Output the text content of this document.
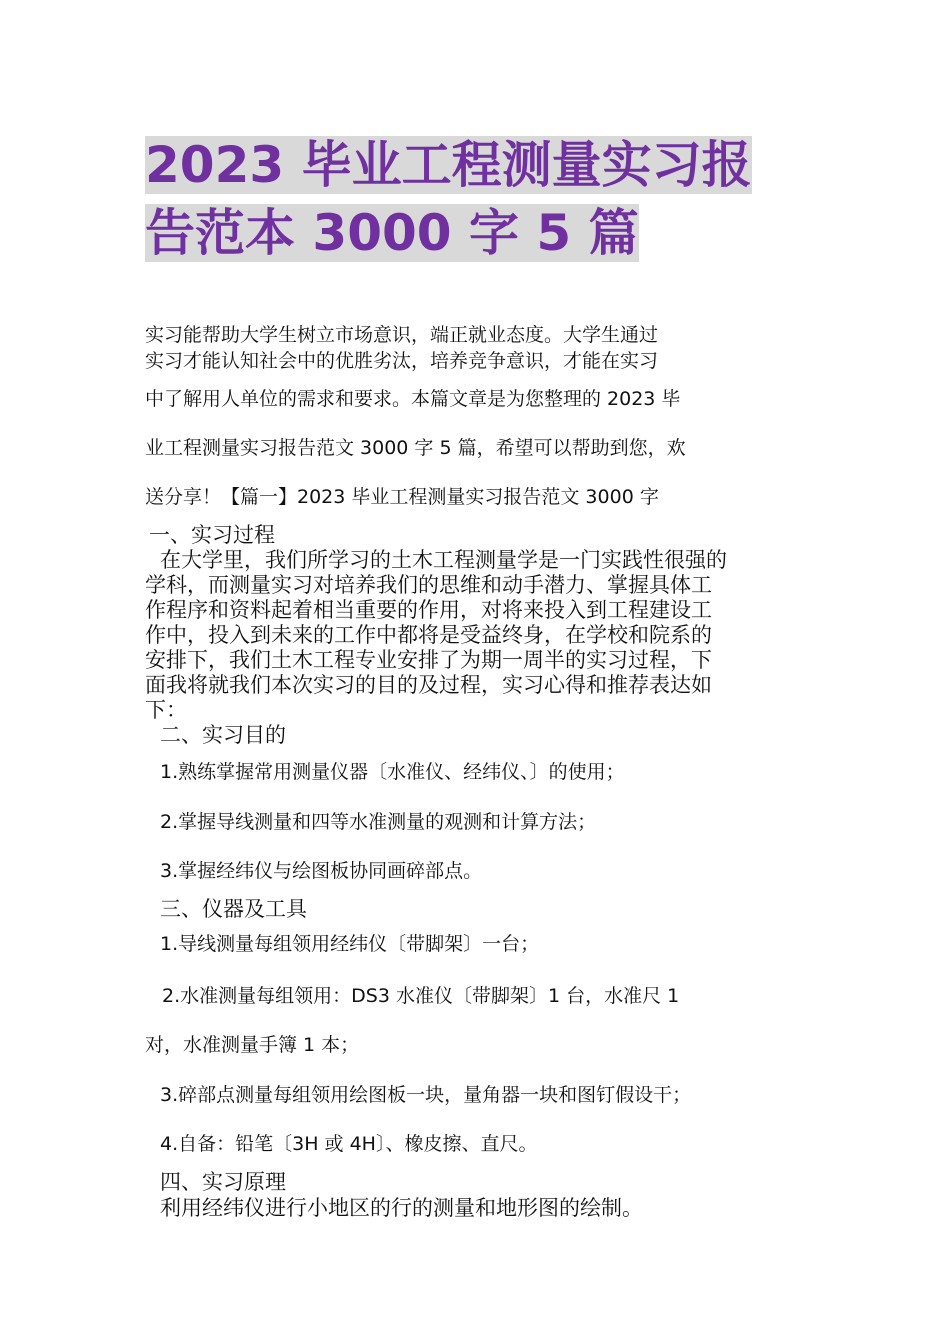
2023 毕业工程测量实习报
告范本 3000 字 5 篇

实习能帮助大学生树立市场意识，端正就业态度。大学生通过

实习才能认知社会中的优胜劣汰，培养竞争意识，才能在实习

中了解用人单位的需求和要求。本篇文章是为您整理的 2023 毕

业工程测量实习报告范文 3000 字 5 篇，希望可以帮助到您，欢

送分享！【篇一】2023 毕业工程测量实习报告范文 3000 字

一、实习过程

在大学里，我们所学习的土木工程测量学是一门实践性很强的

学科，而测量实习对培养我们的思维和动手潜力、掌握具体工

作程序和资料起着相当重要的作用，对将来投入到工程建设工

作中，投入到未来的工作中都将是受益终身，在学校和院系的

安排下，我们土木工程专业安排了为期一周半的实习过程，下

面我将就我们本次实习的目的及过程，实习心得和推荐表达如

下：

二、实习目的

1.熟练掌握常用测量仪器〔水准仪、经纬仪、〕的使用；

2.掌握导线测量和四等水准测量的观测和计算方法；

3.掌握经纬仪与绘图板协同画碎部点。

三、仪器及工具

1.导线测量每组领用经纬仪〔带脚架〕一台；

2.水准测量每组领用：DS3 水准仪〔带脚架〕1 台，水准尺 1

对，水准测量手簿 1 本；

3.碎部点测量每组领用绘图板一块，量角器一块和图钉假设干；

4.自备：铅笔〔3H 或 4H〕、橡皮擦、直尺。

四、实习原理

利用经纬仪进行小地区的行的测量和地形图的绘制。
